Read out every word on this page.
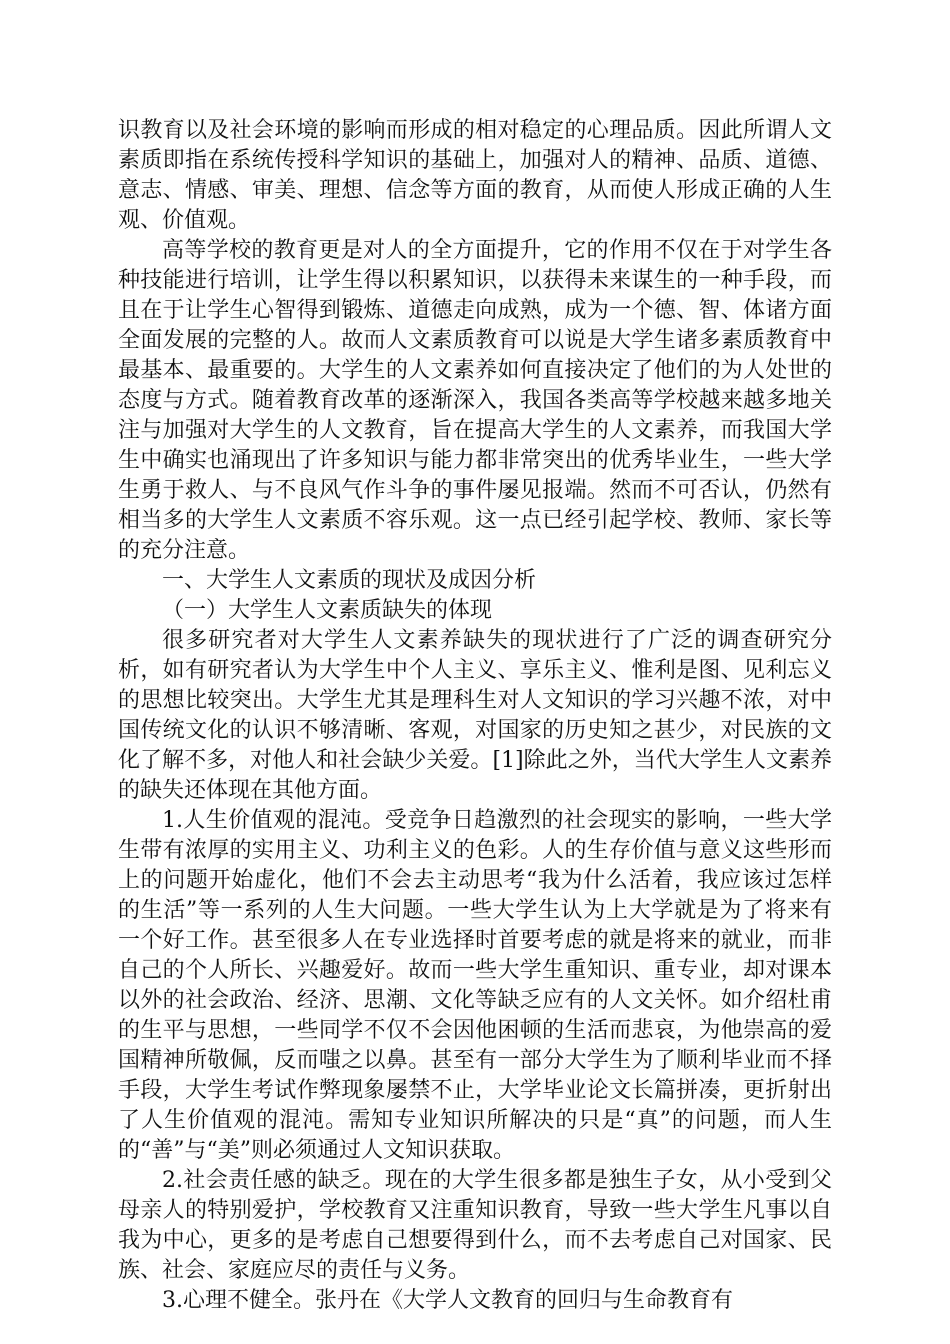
识教育以及社会环境的影响而形成的相对稳定的心理品质。因此所谓人文素质即指在系统传授科学知识的基础上，加强对人的精神、品质、道德、意志、情感、审美、理想、信念等方面的教育，从而使人形成正确的人生观、价值观。

高等学校的教育更是对人的全方面提升，它的作用不仅在于对学生各种技能进行培训，让学生得以积累知识，以获得未来谋生的一种手段，而且在于让学生心智得到锻炼、道德走向成熟，成为一个德、智、体诸方面全面发展的完整的人。故而人文素质教育可以说是大学生诸多素质教育中最基本、最重要的。大学生的人文素养如何直接决定了他们的为人处世的态度与方式。随着教育改革的逐渐深入，我国各类高等学校越来越多地关注与加强对大学生的人文教育，旨在提高大学生的人文素养，而我国大学生中确实也涌现出了许多知识与能力都非常突出的优秀毕业生，一些大学生勇于救人、与不良风气作斗争的事件屡见报端。然而不可否认，仍然有相当多的大学生人文素质不容乐观。这一点已经引起学校、教师、家长等的充分注意。

一、大学生人文素质的现状及成因分析

（一）大学生人文素质缺失的体现

很多研究者对大学生人文素养缺失的现状进行了广泛的调查研究分析，如有研究者认为大学生中个人主义、享乐主义、惟利是图、见利忘义的思想比较突出。大学生尤其是理科生对人文知识的学习兴趣不浓，对中国传统文化的认识不够清晰、客观，对国家的历史知之甚少，对民族的文化了解不多，对他人和社会缺少关爱。[1]除此之外，当代大学生人文素养的缺失还体现在其他方面。

1.人生价值观的混沌。受竞争日趋激烈的社会现实的影响，一些大学生带有浓厚的实用主义、功利主义的色彩。人的生存价值与意义这些形而上的问题开始虚化，他们不会去主动思考“我为什么活着，我应该过怎样的生活”等一系列的人生大问题。一些大学生认为上大学就是为了将来有一个好工作。甚至很多人在专业选择时首要考虑的就是将来的就业，而非自己的个人所长、兴趣爱好。故而一些大学生重知识、重专业，却对课本以外的社会政治、经济、思潮、文化等缺乏应有的人文关怀。如介绍杜甫的生平与思想，一些同学不仅不会因他困顿的生活而悲哀，为他崇高的爱国精神所敬佩，反而嗤之以鼻。甚至有一部分大学生为了顺利毕业而不择手段，大学生考试作弊现象屡禁不止，大学毕业论文长篇拼凑，更折射出了人生价值观的混沌。需知专业知识所解决的只是“真”的问题，而人生的“善”与“美”则必须通过人文知识获取。

2.社会责任感的缺乏。现在的大学生很多都是独生子女，从小受到父母亲人的特别爱护，学校教育又注重知识教育，导致一些大学生凡事以自我为中心，更多的是考虑自己想要得到什么，而不去考虑自己对国家、民族、社会、家庭应尽的责任与义务。

3.心理不健全。张丹在《大学人文教育的回归与生命教育有
